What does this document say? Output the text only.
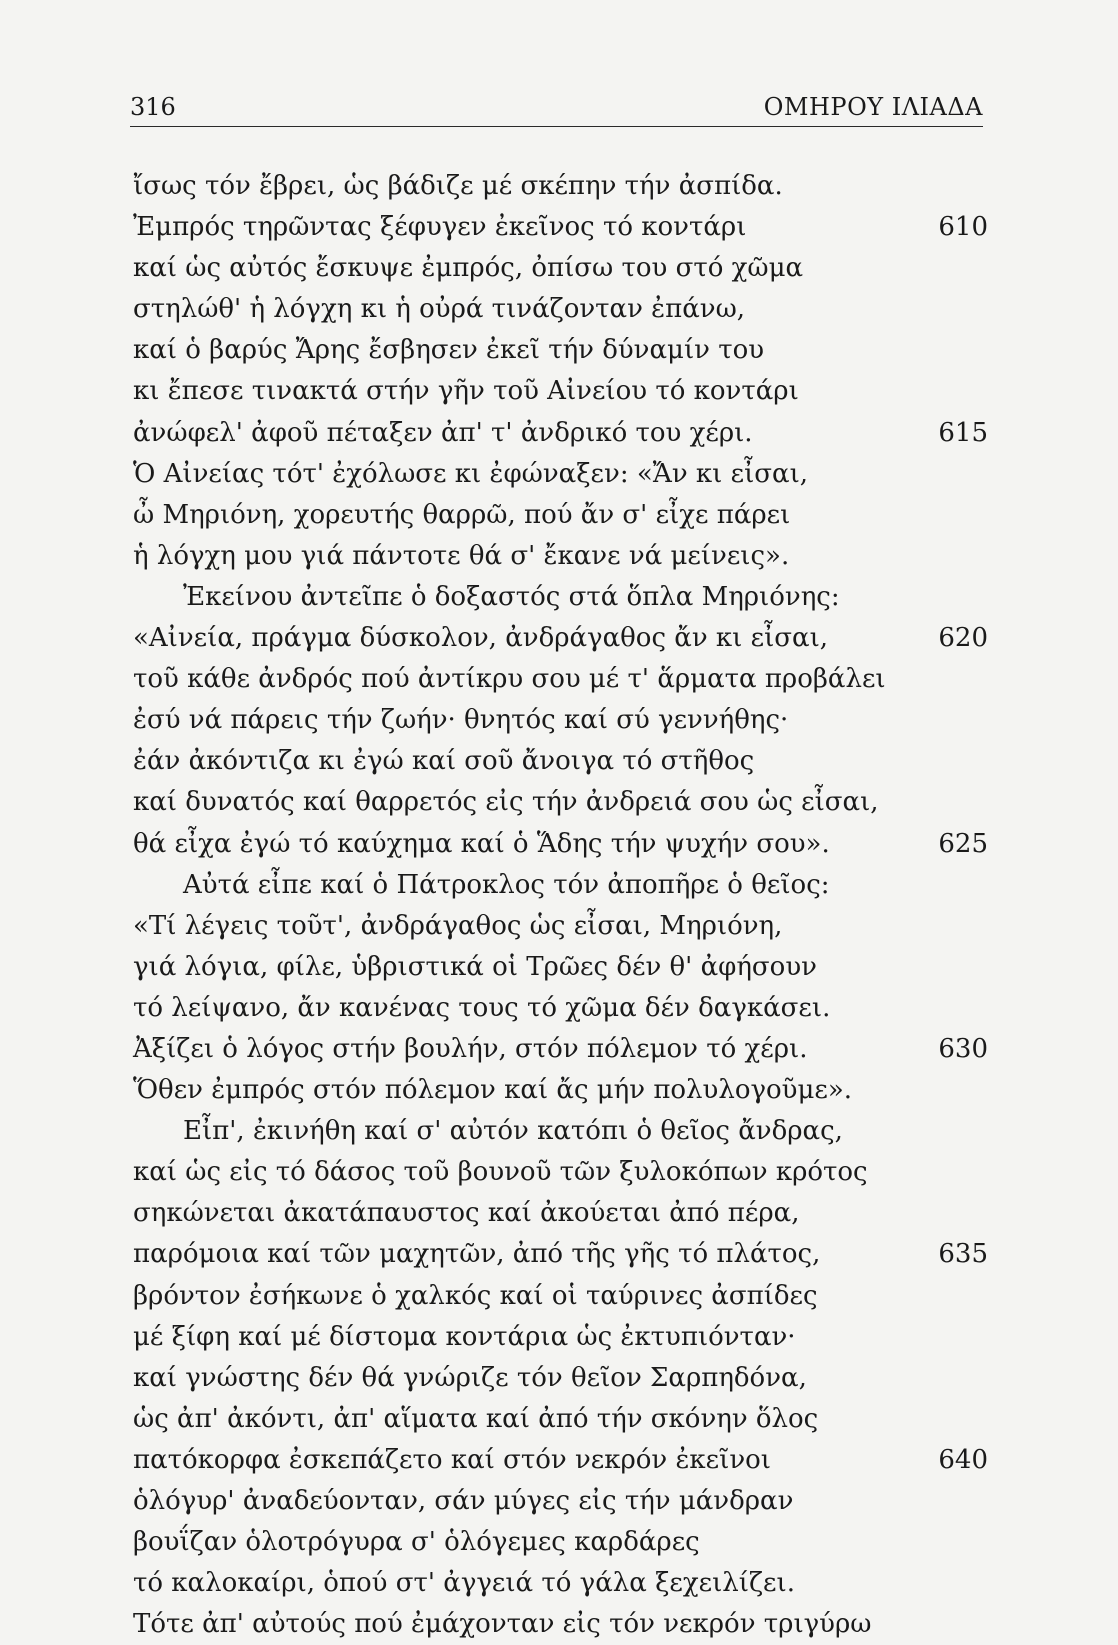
316	ΟΜΗΡΟΥ ΙΛΙΑΔΑ
ἴσως τόν ἔβρει, ὡς βάδιζε μέ σκέπην τήν ἀσπίδα.
Ἐμπρός τηρῶντας ξέφυγεν ἐκεῖνος τό κοντάρι	610
καί ὡς αὐτός ἔσκυψε ἐμπρός, ὀπίσω του στό χῶμα
στηλώθ' ἡ λόγχη κι ἡ οὐρά τινάζονταν ἐπάνω,
καί ὁ βαρύς Ἄρης ἔσβησεν ἐκεῖ τήν δύναμίν του
κι ἔπεσε τινακτά στήν γῆν τοῦ Αἰνείου τό κοντάρι
ἀνώφελ' ἀφοῦ πέταξεν ἀπ' τ' ἀνδρικό του χέρι.	615
Ὁ Αἰνείας τότ' ἐχόλωσε κι ἐφώναξεν: «Ἄν κι εἶσαι,
ὦ Μηριόνη, χορευτής θαρρῶ, πού ἄν σ' εἶχε πάρει
ἡ λόγχη μου γιά πάντοτε θά σ' ἔκανε νά μείνεις».
Ἐκείνου ἀντεῖπε ὁ δοξαστός στά ὅπλα Μηριόνης:
«Αἰνεία, πράγμα δύσκολον, ἀνδράγαθος ἄν κι εἶσαι,	620
τοῦ κάθε ἀνδρός πού ἀντίκρυ σου μέ τ' ἅρματα προβάλει
ἐσύ νά πάρεις τήν ζωήν· θνητός καί σύ γεννήθης·
ἐάν ἀκόντιζα κι ἐγώ καί σοῦ ἄνοιγα τό στῆθος
καί δυνατός καί θαρρετός εἰς τήν ἀνδρειά σου ὡς εἶσαι,
θά εἶχα ἐγώ τό καύχημα καί ὁ Ἅδης τήν ψυχήν σου».	625
Αὐτά εἶπε καί ὁ Πάτροκλος τόν ἀποπῆρε ὁ θεῖος:
«Τί λέγεις τοῦτ', ἀνδράγαθος ὡς εἶσαι, Μηριόνη,
γιά λόγια, φίλε, ὑβριστικά οἱ Τρῶες δέν θ' ἀφήσουν
τό λείψανο, ἄν κανένας τους τό χῶμα δέν δαγκάσει.
Ἀξίζει ὁ λόγος στήν βουλήν, στόν πόλεμον τό χέρι.	630
Ὅθεν ἐμπρός στόν πόλεμον καί ἄς μήν πολυλογοῦμε».
Εἶπ', ἐκινήθη καί σ' αὐτόν κατόπι ὁ θεῖος ἄνδρας,
καί ὡς εἰς τό δάσος τοῦ βουνοῦ τῶν ξυλοκόπων κρότος
σηκώνεται ἀκατάπαυστος καί ἀκούεται ἀπό πέρα,
παρόμοια καί τῶν μαχητῶν, ἀπό τῆς γῆς τό πλάτος,	635
βρόντον ἐσήκωνε ὁ χαλκός καί οἱ ταύρινες ἀσπίδες
μέ ξίφη καί μέ δίστομα κοντάρια ὡς ἐκτυπιόνταν·
καί γνώστης δέν θά γνώριζε τόν θεῖον Σαρπηδόνα,
ὡς ἀπ' ἀκόντι, ἀπ' αἵματα καί ἀπό τήν σκόνην ὅλος
πατόκορφα ἐσκεπάζετο καί στόν νεκρόν ἐκεῖνοι	640
ὁλόγυρ' ἀναδεύονταν, σάν μύγες εἰς τήν μάνδραν
βουΐζαν ὁλοτρόγυρα σ' ὁλόγεμες καρδάρες
τό καλοκαίρι, ὁπού στ' ἀγγειά τό γάλα ξεχειλίζει.
Τότε ἀπ' αὐτούς πού ἐμάχονταν εἰς τόν νεκρόν τριγύρω
